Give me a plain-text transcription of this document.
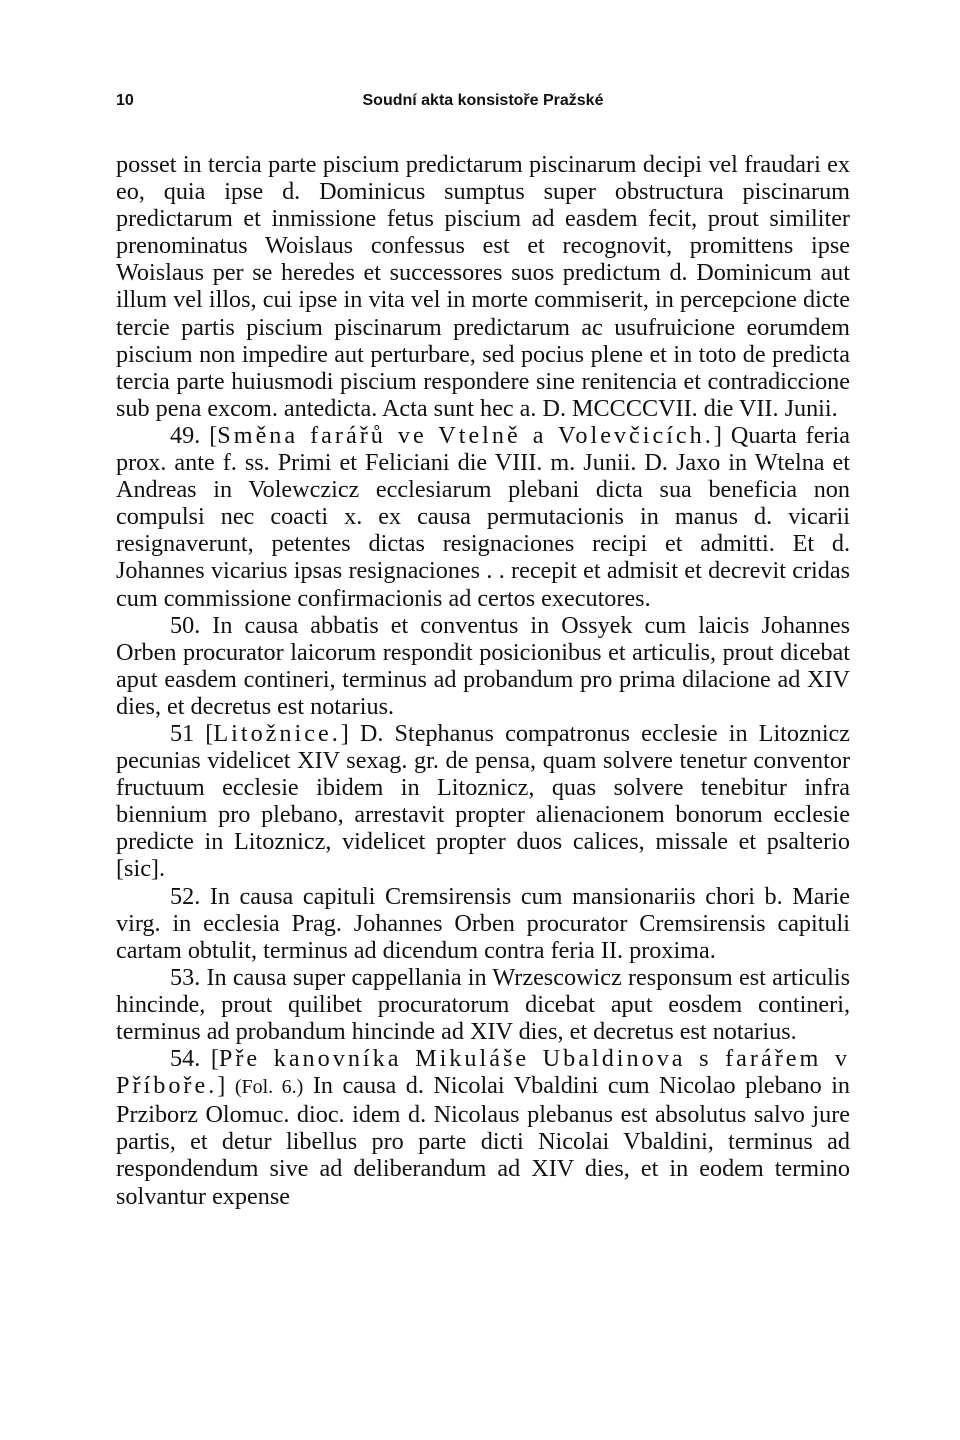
10	Soudní akta konsistoře Pražské

posset in tercia parte piscium predictarum piscinarum decipi vel fraudari ex eo, quia ipse d. Dominicus sumptus super obstructura piscinarum predictarum et inmissione fetus piscium ad easdem fecit, prout similiter prenominatus Woislaus confessus est et recognovit, promittens ipse Woislaus per se heredes et successores suos predictum d. Dominicum aut illum vel illos, cui ipse in vita vel in morte commiserit, in percepcione dicte tercie partis piscium piscinarum predictarum ac usufruicione eorumdem piscium non impedire aut perturbare, sed pocius plene et in toto de predicta tercia parte huiusmodi piscium respondere sine renitencia et contradiccione sub pena excom. antedicta. Acta sunt hec a. D. MCCCCVII. die VII. Junii.

49. [Směna farářů ve Vtelně a Volevčicích.] Quarta feria prox. ante f. ss. Primi et Feliciani die VIII. m. Junii. D. Jaxo in Wtelna et Andreas in Volewczicz ecclesiarum plebani dicta sua beneficia non compulsi nec coacti x. ex causa permutacionis in manus d. vicarii resignaverunt, petentes dictas resignaciones recipi et admitti. Et d. Johannes vicarius ipsas resignaciones . . recepit et admisit et decrevit cridas cum commissione confirmacionis ad certos executores.

50. In causa abbatis et conventus in Ossyek cum laicis Johannes Orben procurator laicorum respondit posicionibus et articulis, prout dicebat aput easdem contineri, terminus ad probandum pro prima dilacione ad XIV dies, et decretus est notarius.

51 [Litožnice.] D. Stephanus compatronus ecclesie in Litoznicz pecunias videlicet XIV sexag. gr. de pensa, quam solvere tenetur conventor fructuum ecclesie ibidem in Litoznicz, quas solvere tenebitur infra biennium pro plebano, arrestavit propter alienacionem bonorum ecclesie predicte in Litoznicz, videlicet propter duos calices, missale et psalterio [sic].

52. In causa capituli Cremsirensis cum mansionariis chori b. Marie virg. in ecclesia Prag. Johannes Orben procurator Cremsirensis capituli cartam obtulit, terminus ad dicendum contra feria II. proxima.

53. In causa super cappellania in Wrzescowicz responsum est articulis hincinde, prout quilibet procuratorum dicebat aput eosdem contineri, terminus ad probandum hincinde ad XIV dies, et decretus est notarius.

54. [Pře kanovníka Mikuláše Ubaldinova s farářem v Příboře.] (Fol. 6.) In causa d. Nicolai Vbaldini cum Nicolao plebano in Prziborz Olomuc. dioc. idem d. Nicolaus plebanus est absolutus salvo jure partis, et detur libellus pro parte dicti Nicolai Vbaldini, terminus ad respondendum sive ad deliberandum ad XIV dies, et in eodem termino solvantur expense
